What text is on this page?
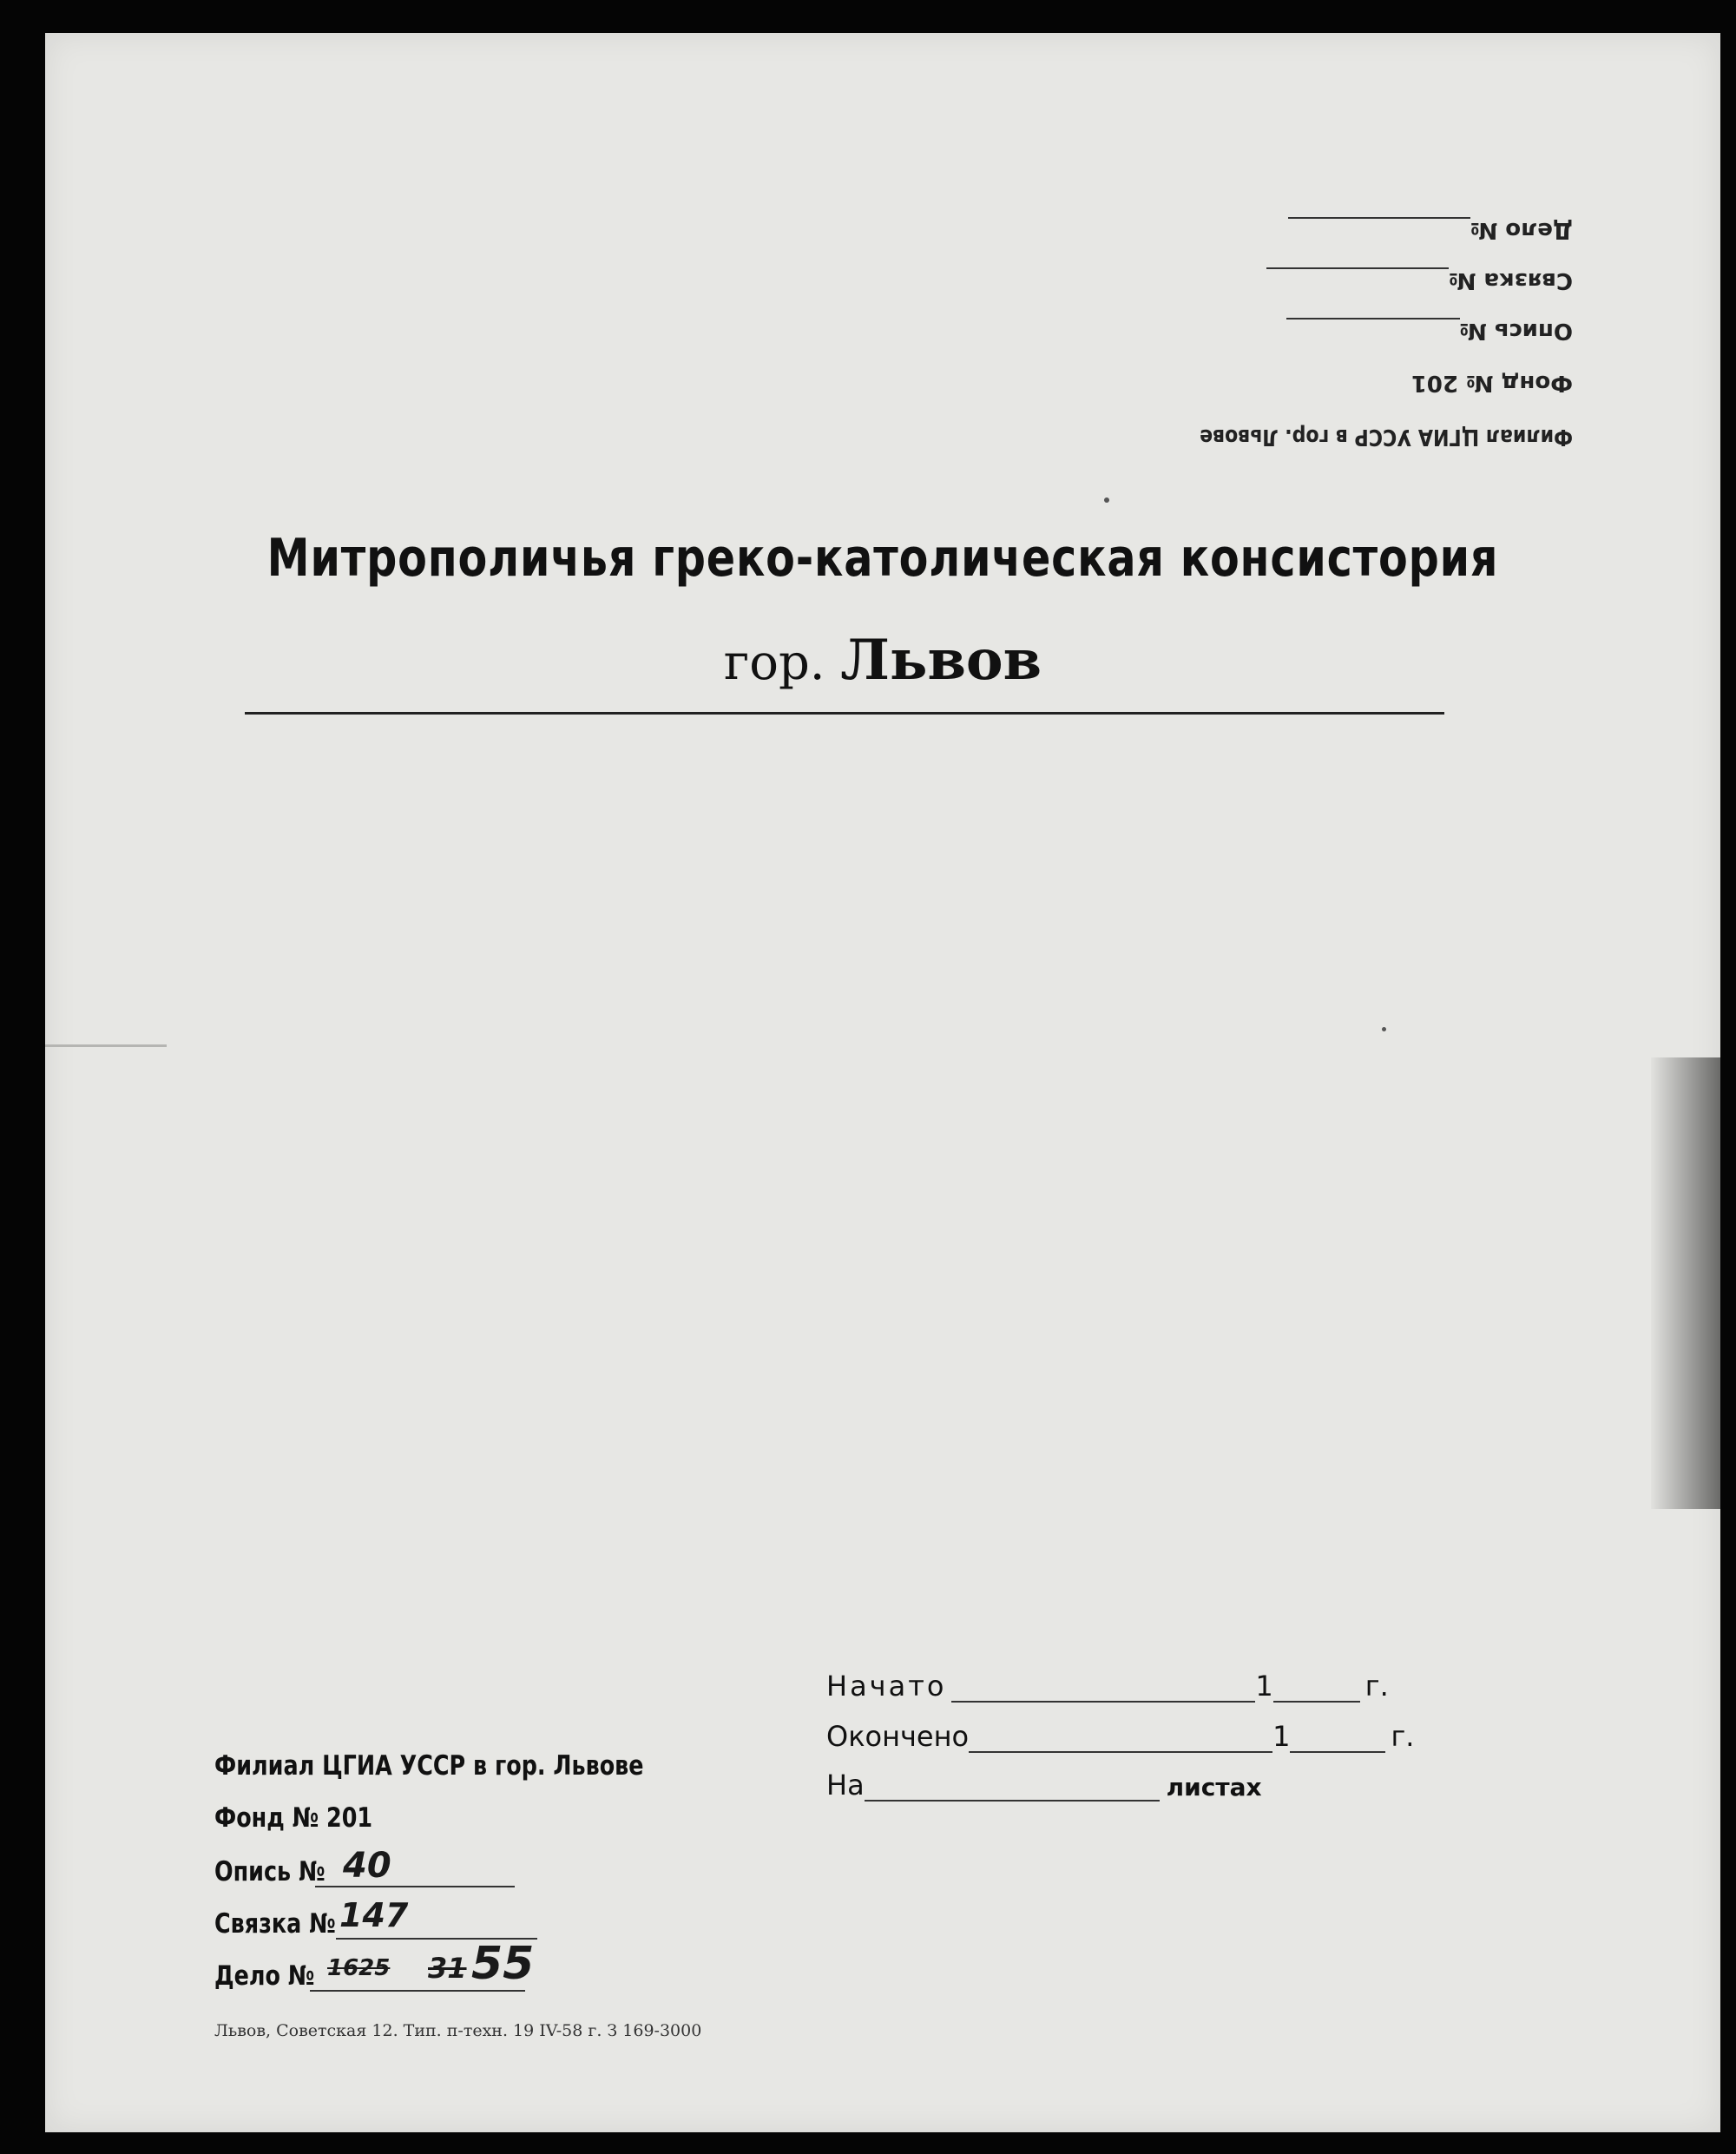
Филиал ЦГИА УССР в гор. Львове
Фонд № 201
Опись №
Связка №
Дело №
Митрополичья греко-католическая консистория
гор. Львов
Начато	1	г.
Окончено	1	г.
На	листах
Филиал ЦГИА УССР в гор. Львове
Фонд № 201
Опись № 40
Связка № 147
Дело № 1625 31 55
Львов, Советская 12. Тип. п-техн. 19 IV-58 г. З 169-3000
